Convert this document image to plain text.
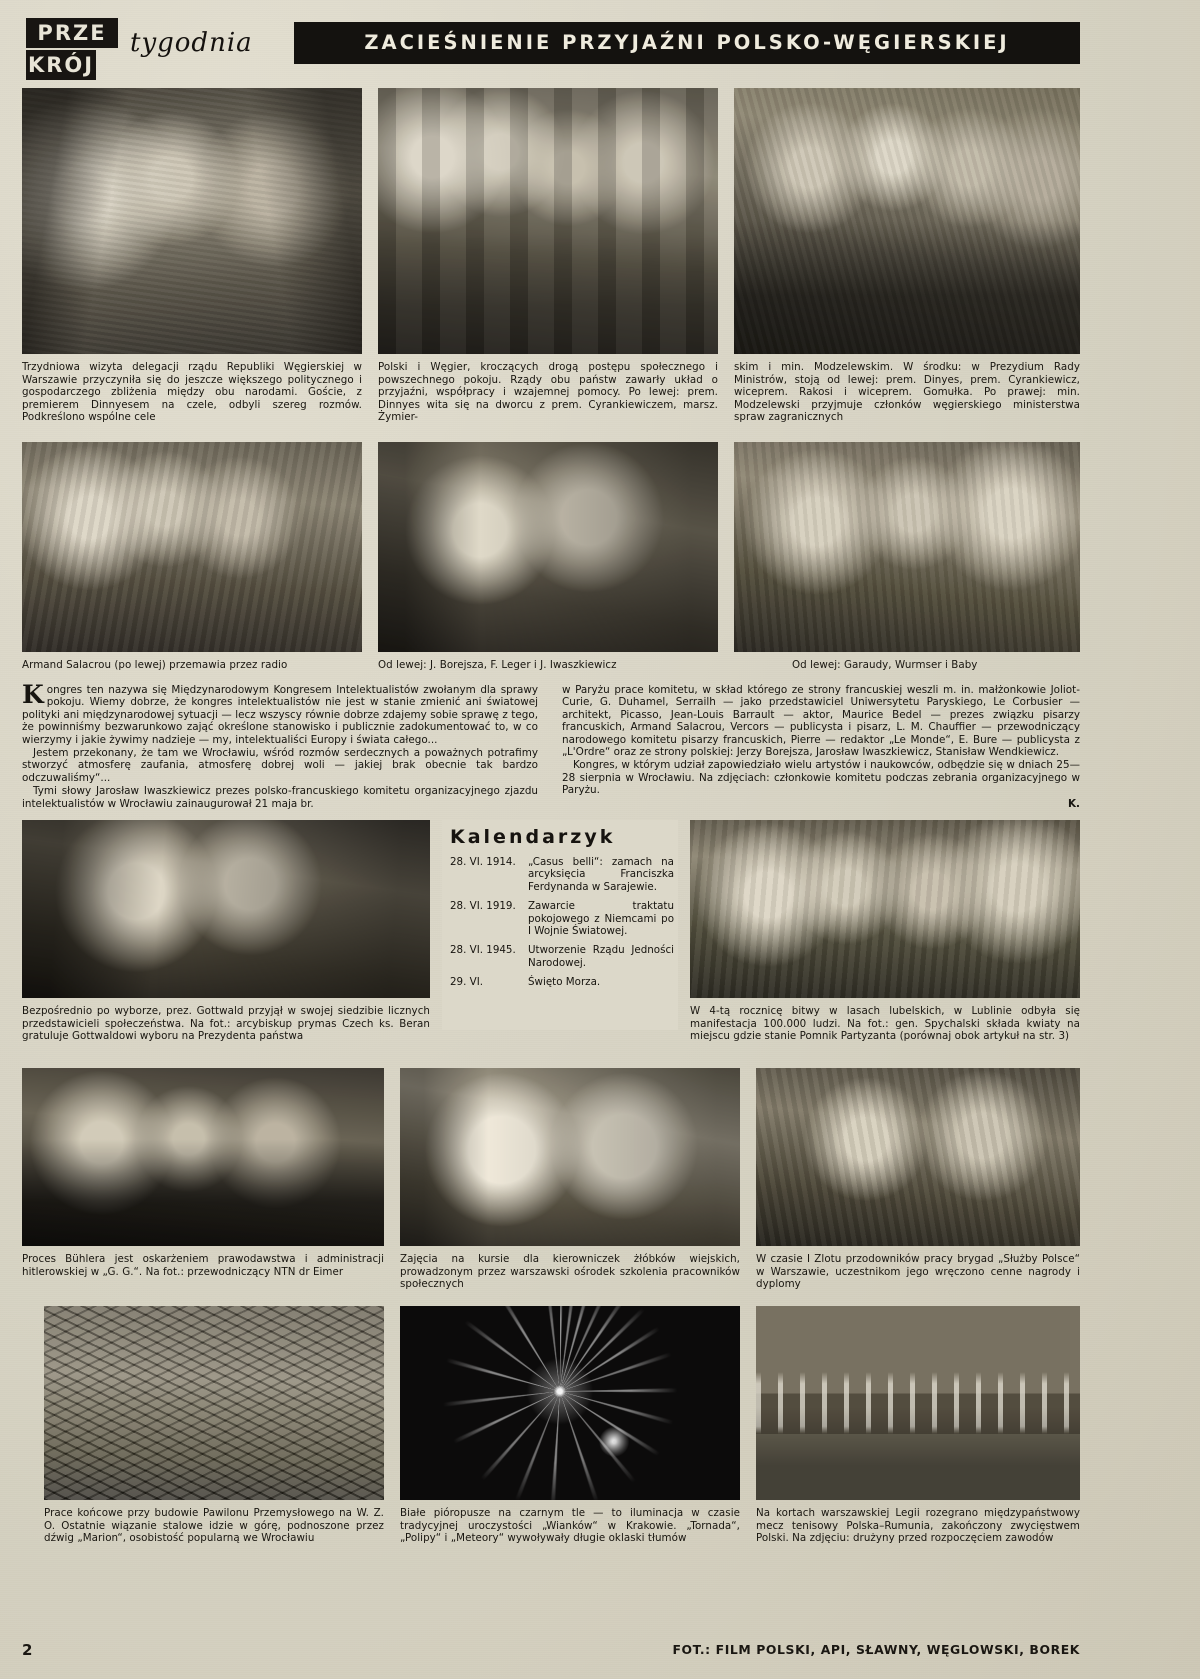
PRZE
KRÓJ
tygodnia	ZACIEŚNIENIE PRZYJAŹNI POLSKO-WĘGIERSKIEJ
Trzydniowa wizyta delegacji rządu Republiki Węgierskiej w Warszawie przyczyniła się do jeszcze większego politycznego i gospodarczego zbliżenia między obu narodami. Goście, z premierem Dinnyesem na czele, odbyli szereg rozmów. Podkreślono wspólne cele
Polski i Węgier, kroczących drogą postępu społecznego i powszechnego pokoju. Rządy obu państw zawarły układ o przyjaźni, współpracy i wzajemnej pomocy. Po lewej: prem. Dinnyes wita się na dworcu z prem. Cyrankiewiczem, marsz. Żymier-
skim i min. Modzelewskim. W środku: w Prezydium Rady Ministrów, stoją od lewej: prem. Dinyes, prem. Cyrankiewicz, wiceprem. Rakosi i wiceprem. Gomułka. Po prawej: min. Modzelewski przyjmuje członków węgierskiego ministerstwa spraw zagranicznych
Armand Salacrou (po lewej) przemawia przez radio	Od lewej: J. Borejsza, F. Leger i J. Iwaszkiewicz	Od lewej: Garaudy, Wurmser i Baby

Kongres ten nazywa się Międzynarodowym Kongresem Intelektualistów zwołanym dla sprawy pokoju. Wiemy dobrze, że kongres intelektualistów nie jest w stanie zmienić ani światowej polityki ani międzynarodowej sytuacji — lecz wszyscy równie dobrze zdajemy sobie sprawę z tego, że powinniśmy bezwarunkowo zająć określone stanowisko i publicznie zadokumentować to, w co wierzymy i jakie żywimy nadzieje — my, intelektualiści Europy i świata całego...

Jestem przekonany, że tam we Wrocławiu, wśród rozmów serdecznych a poważnych potrafimy stworzyć atmosferę zaufania, atmosferę dobrej woli — jakiej brak obecnie tak bardzo odczuwaliśmy“...

Tymi słowy Jarosław Iwaszkiewicz prezes polsko-francuskiego komitetu organizacyjnego zjazdu intelektualistów w Wrocławiu zainaugurował 21 maja br.

w Paryżu prace komitetu, w skład którego ze strony francuskiej weszli m. in. małżonkowie Joliot-Curie, G. Duhamel, Serrailh — jako przedstawiciel Uniwersytetu Paryskiego, Le Corbusier — architekt, Picasso, Jean-Louis Barrault — aktor, Maurice Bedel — prezes związku pisarzy francuskich, Armand Salacrou, Vercors — publicysta i pisarz, L. M. Chauffier — przewodniczący narodowego komitetu pisarzy francuskich, Pierre — redaktor „Le Monde“, E. Bure — publicysta z „L'Ordre“ oraz ze strony polskiej: Jerzy Borejsza, Jarosław Iwaszkiewicz, Stanisław Wendkiewicz.

Kongres, w którym udział zapowiedziało wielu artystów i naukowców, odbędzie się w dniach 25—28 sierpnia w Wrocławiu. Na zdjęciach: członkowie komitetu podczas zebrania organizacyjnego w Paryżu.

K.

Kalendarzyk
28. VI. 1914.	„Casus belli“: zamach na arcyksięcia Franciszka Ferdynanda w Sarajewie.
28. VI. 1919.	Zawarcie traktatu pokojowego z Niemcami po I Wojnie Światowej.
28. VI. 1945.	Utworzenie Rządu Jedności Narodowej.
29. VI.	Święto Morza.
Bezpośrednio po wyborze, prez. Gottwald przyjął w swojej siedzibie licznych przedstawicieli społeczeństwa. Na fot.: arcybiskup prymas Czech ks. Beran gratuluje Gottwaldowi wyboru na Prezydenta państwa
W 4-tą rocznicę bitwy w lasach lubelskich, w Lublinie odbyła się manifestacja 100.000 ludzi. Na fot.: gen. Spychalski składa kwiaty na miejscu gdzie stanie Pomnik Partyzanta (porównaj obok artykuł na str. 3)
Proces Bühlera jest oskarżeniem prawodawstwa i administracji hitlerowskiej w „G. G.“. Na fot.: przewodniczący NTN dr Eimer
Zajęcia na kursie dla kierowniczek żłóbków wiejskich, prowadzonym przez warszawski ośrodek szkolenia pracowników społecznych
W czasie I Zlotu przodowników pracy brygad „Służby Polsce“ w Warszawie, uczestnikom jego wręczono cenne nagrody i dyplomy
Prace końcowe przy budowie Pawilonu Przemysłowego na W. Z. O. Ostatnie wiązanie stalowe idzie w górę, podnoszone przez dźwig „Marion“, osobistość popularną we Wrocławiu
Białe pióropusze na czarnym tle — to iluminacja w czasie tradycyjnej uroczystości „Wianków“ w Krakowie. „Tornada“, „Polipy“ i „Meteory“ wywoływały długie oklaski tłumów
Na kortach warszawskiej Legii rozegrano międzypaństwowy mecz tenisowy Polska–Rumunia, zakończony zwycięstwem Polski. Na zdjęciu: drużyny przed rozpoczęciem zawodów
2	FOT.: FILM POLSKI, API, SŁAWNY, WĘGLOWSKI, BOREK
